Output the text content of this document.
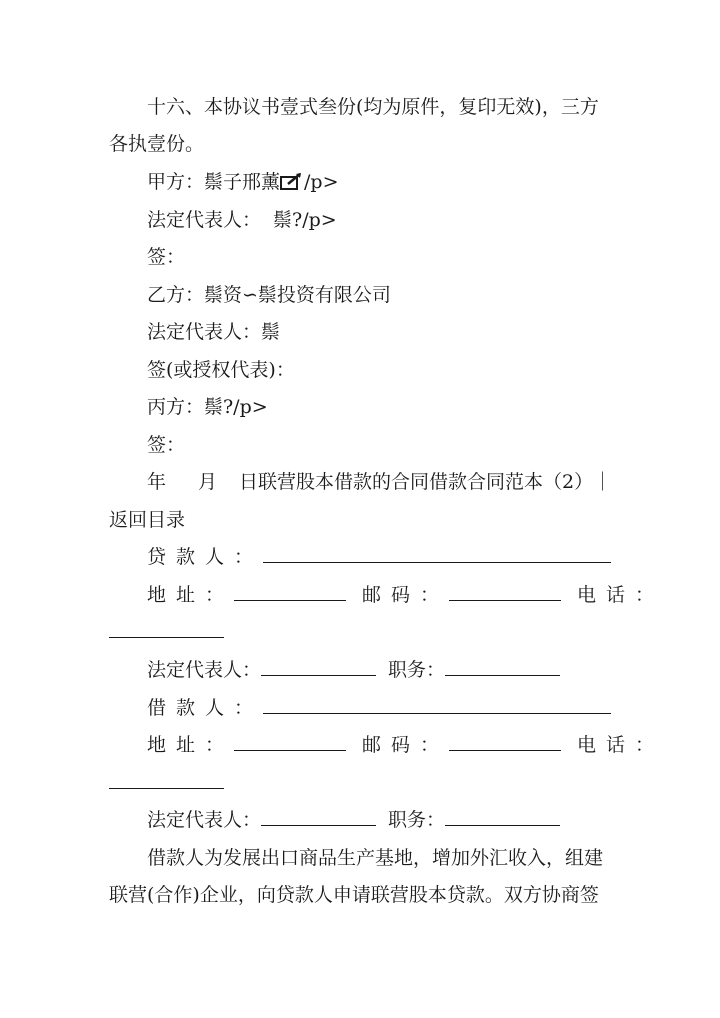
十六、本协议书壹式叁份(均为原件，复印无效)，三方
各执壹份。
甲方：鬃子邢薰 /p>
法定代表人： 鬃?/p>
签：
乙方：鬃资∽鬃投资有限公司
法定代表人：鬃
签(或授权代表)：
丙方：鬃?/p>
签：
年 月 日联营股本借款的合同借款合同范本（2）｜
返回目录
贷款人：
地址：	邮码：	电话：
法定代表人：	职务：
借款人：
地址：	邮码：	电话：
法定代表人：	职务：
借款人为发展出口商品生产基地，增加外汇收入，组建
联营(合作)企业，向贷款人申请联营股本贷款。双方协商签
